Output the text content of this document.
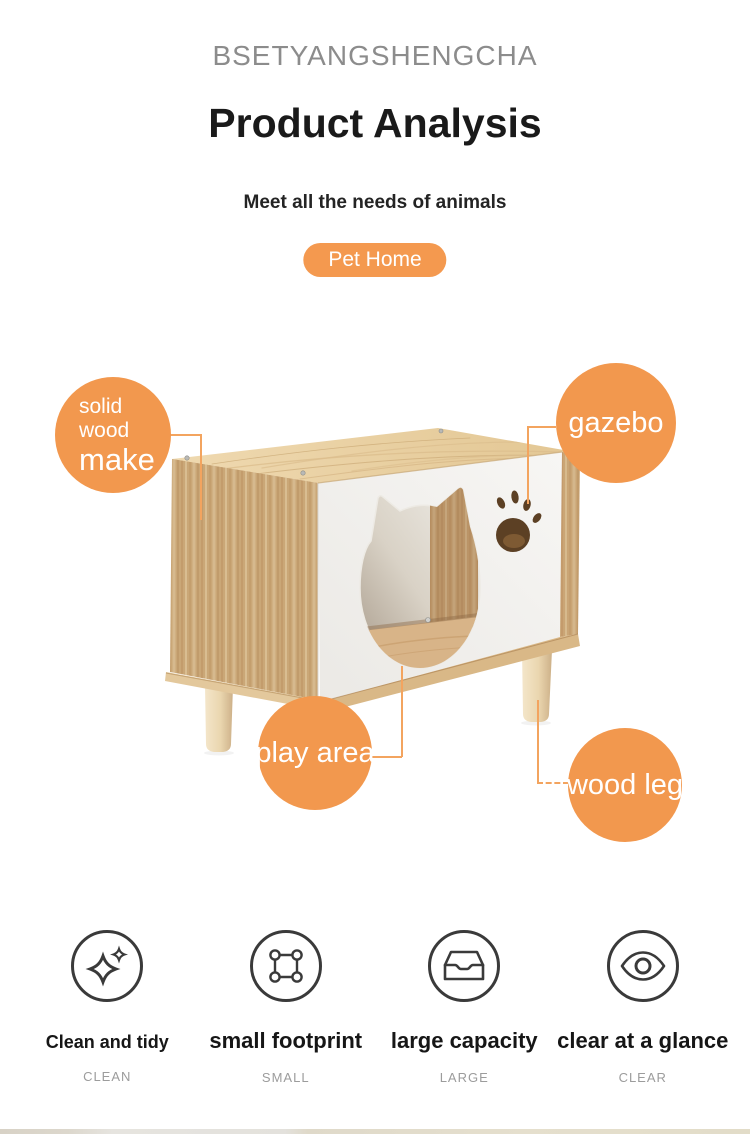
BSETYANGSHENGCHA
Product Analysis
Meet all the needs of animals
Pet Home
solid
wood
make
gazebo
play area
wood leg
Clean and tidy
CLEAN
small footprint
SMALL
large capacity
LARGE
clear at a glance
CLEAR
